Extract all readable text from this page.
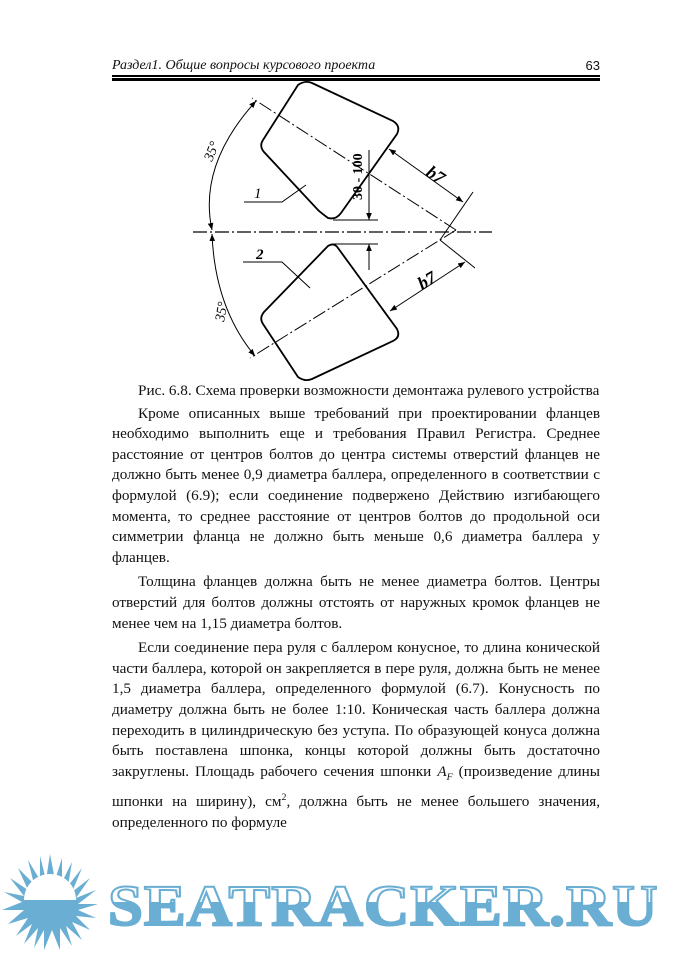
Раздел1. Общие вопросы курсового проекта	63
35°
35°
30 - 100	b7
b7
1
2

Рис. 6.8. Схема проверки возможности демонтажа рулевого устройства

Кроме описанных выше требований при проектировании фланцев необходимо выполнить еще и требования Правил Регистра. Среднее расстояние от центров болтов до центра системы отверстий фланцев не должно быть менее 0,9 диаметра баллера, определенного в соответствии с формулой (6.9); если соединение подвержено Действию изгибающего момента, то среднее расстояние от центров болтов до продольной оси симметрии фланца не должно быть меньше 0,6 диаметра баллера у фланцев.

Толщина фланцев должна быть не менее диаметра болтов. Центры отверстий для болтов должны отстоять от наружных кромок фланцев не менее чем на 1,15 диаметра болтов.

Если соединение пера руля с баллером конусное, то длина конической части баллера, которой он закрепляется в пере руля, должна быть не менее 1,5 диаметра баллера, определенного формулой (6.7). Конусность по диаметру должна быть не более 1:10. Коническая часть баллера должна переходить в цилиндрическую без уступа. По образующей конуса должна быть поставлена шпонка, концы которой должны быть достаточно закруглены. Площадь рабочего сечения шпонки $A_F$ (произведение длины шпонки на ширину), $см^2$, должна быть не менее большего значения, определенного по формуле

SEATRACKER.RU
